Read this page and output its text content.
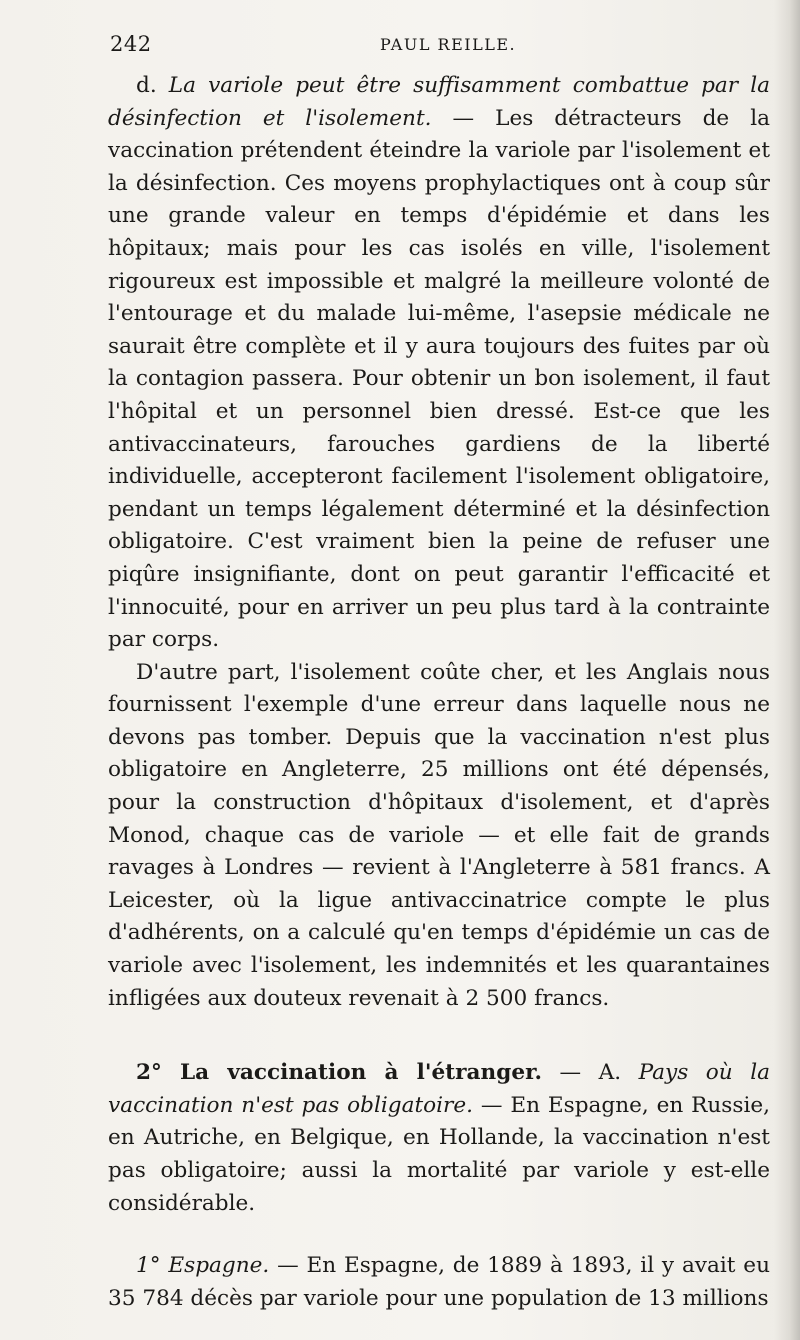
242	PAUL REILLE.

d. La variole peut être suffisamment combattue par la désinfection et l'isolement. — Les détracteurs de la vaccination prétendent éteindre la variole par l'isolement et la désinfection. Ces moyens prophylactiques ont à coup sûr une grande valeur en temps d'épidémie et dans les hôpitaux; mais pour les cas isolés en ville, l'isolement rigoureux est impossible et malgré la meilleure volonté de l'entourage et du malade lui-même, l'asepsie médicale ne saurait être complète et il y aura toujours des fuites par où la contagion passera. Pour obtenir un bon isolement, il faut l'hôpital et un personnel bien dressé. Est-ce que les antivaccinateurs, farouches gardiens de la liberté individuelle, accepteront facilement l'isolement obligatoire, pendant un temps légalement déterminé et la désinfection obligatoire. C'est vraiment bien la peine de refuser une piqûre insignifiante, dont on peut garantir l'efficacité et l'innocuité, pour en arriver un peu plus tard à la contrainte par corps.

D'autre part, l'isolement coûte cher, et les Anglais nous fournissent l'exemple d'une erreur dans laquelle nous ne devons pas tomber. Depuis que la vaccination n'est plus obligatoire en Angleterre, 25 millions ont été dépensés, pour la construction d'hôpitaux d'isolement, et d'après Monod, chaque cas de variole — et elle fait de grands ravages à Londres — revient à l'Angleterre à 581 francs. A Leicester, où la ligue antivaccinatrice compte le plus d'adhérents, on a calculé qu'en temps d'épidémie un cas de variole avec l'isolement, les indemnités et les quarantaines infligées aux douteux revenait à 2 500 francs.

2° La vaccination à l'étranger. — A. Pays où la vaccination n'est pas obligatoire. — En Espagne, en Russie, en Autriche, en Belgique, en Hollande, la vaccination n'est pas obligatoire; aussi la mortalité par variole y est-elle considérable.

1° Espagne. — En Espagne, de 1889 à 1893, il y avait eu 35 784 décès par variole pour une population de 13 millions
